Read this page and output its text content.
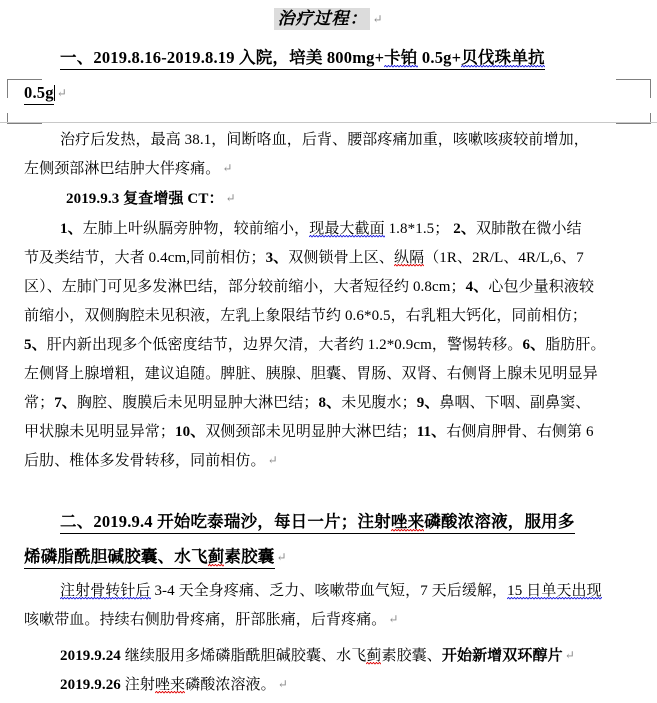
治疗过程： ↵

一、2019.8.16-2019.8.19 入院，培美 800mg+卡铂 0.5g+贝伐珠单抗

0.5g ↵

治疗后发热，最高 38.1，间断咯血，后背、腰部疼痛加重，咳嗽咳痰较前增加，

左侧颈部淋巴结肿大伴疼痛。 ↵

2019.9.3 复查增强 CT： ↵

1、左肺上叶纵膈旁肿物，较前缩小，现最大截面 1.8*1.5； 2、双肺散在微小结

节及类结节，大者 0.4cm,同前相仿；3、双侧锁骨上区、纵隔（1R、2R/L、4R/L,6、7

区）、左肺门可见多发淋巴结，部分较前缩小，大者短径约 0.8cm；4、心包少量积液较

前缩小，双侧胸腔未见积液，左乳上象限结节约 0.6*0.5，右乳粗大钙化，同前相仿；

5、肝内新出现多个低密度结节，边界欠清，大者约 1.2*0.9cm，警惕转移。6、脂肪肝。

左侧肾上腺增粗，建议追随。脾脏、胰腺、胆囊、胃肠、双肾、右侧肾上腺未见明显异

常；7、胸腔、腹膜后未见明显肿大淋巴结；8、未见腹水；9、鼻咽、下咽、副鼻窦、

甲状腺未见明显异常；10、双侧颈部未见明显肿大淋巴结；11、右侧肩胛骨、右侧第 6

后肋、椎体多发骨转移，同前相仿。 ↵

二、2019.9.4 开始吃泰瑞沙，每日一片；注射唑来磷酸浓溶液，服用多

烯磷脂酰胆碱胶囊、水飞蓟素胶囊 ↵

注射骨转针后 3-4 天全身疼痛、乏力、咳嗽带血气短，7 天后缓解，15 日单天出现

咳嗽带血。持续右侧肋骨疼痛，肝部胀痛，后背疼痛。 ↵

2019.9.24 继续服用多烯磷脂酰胆碱胶囊、水飞蓟素胶囊、开始新增双环醇片 ↵

2019.9.26 注射唑来磷酸浓溶液。 ↵
